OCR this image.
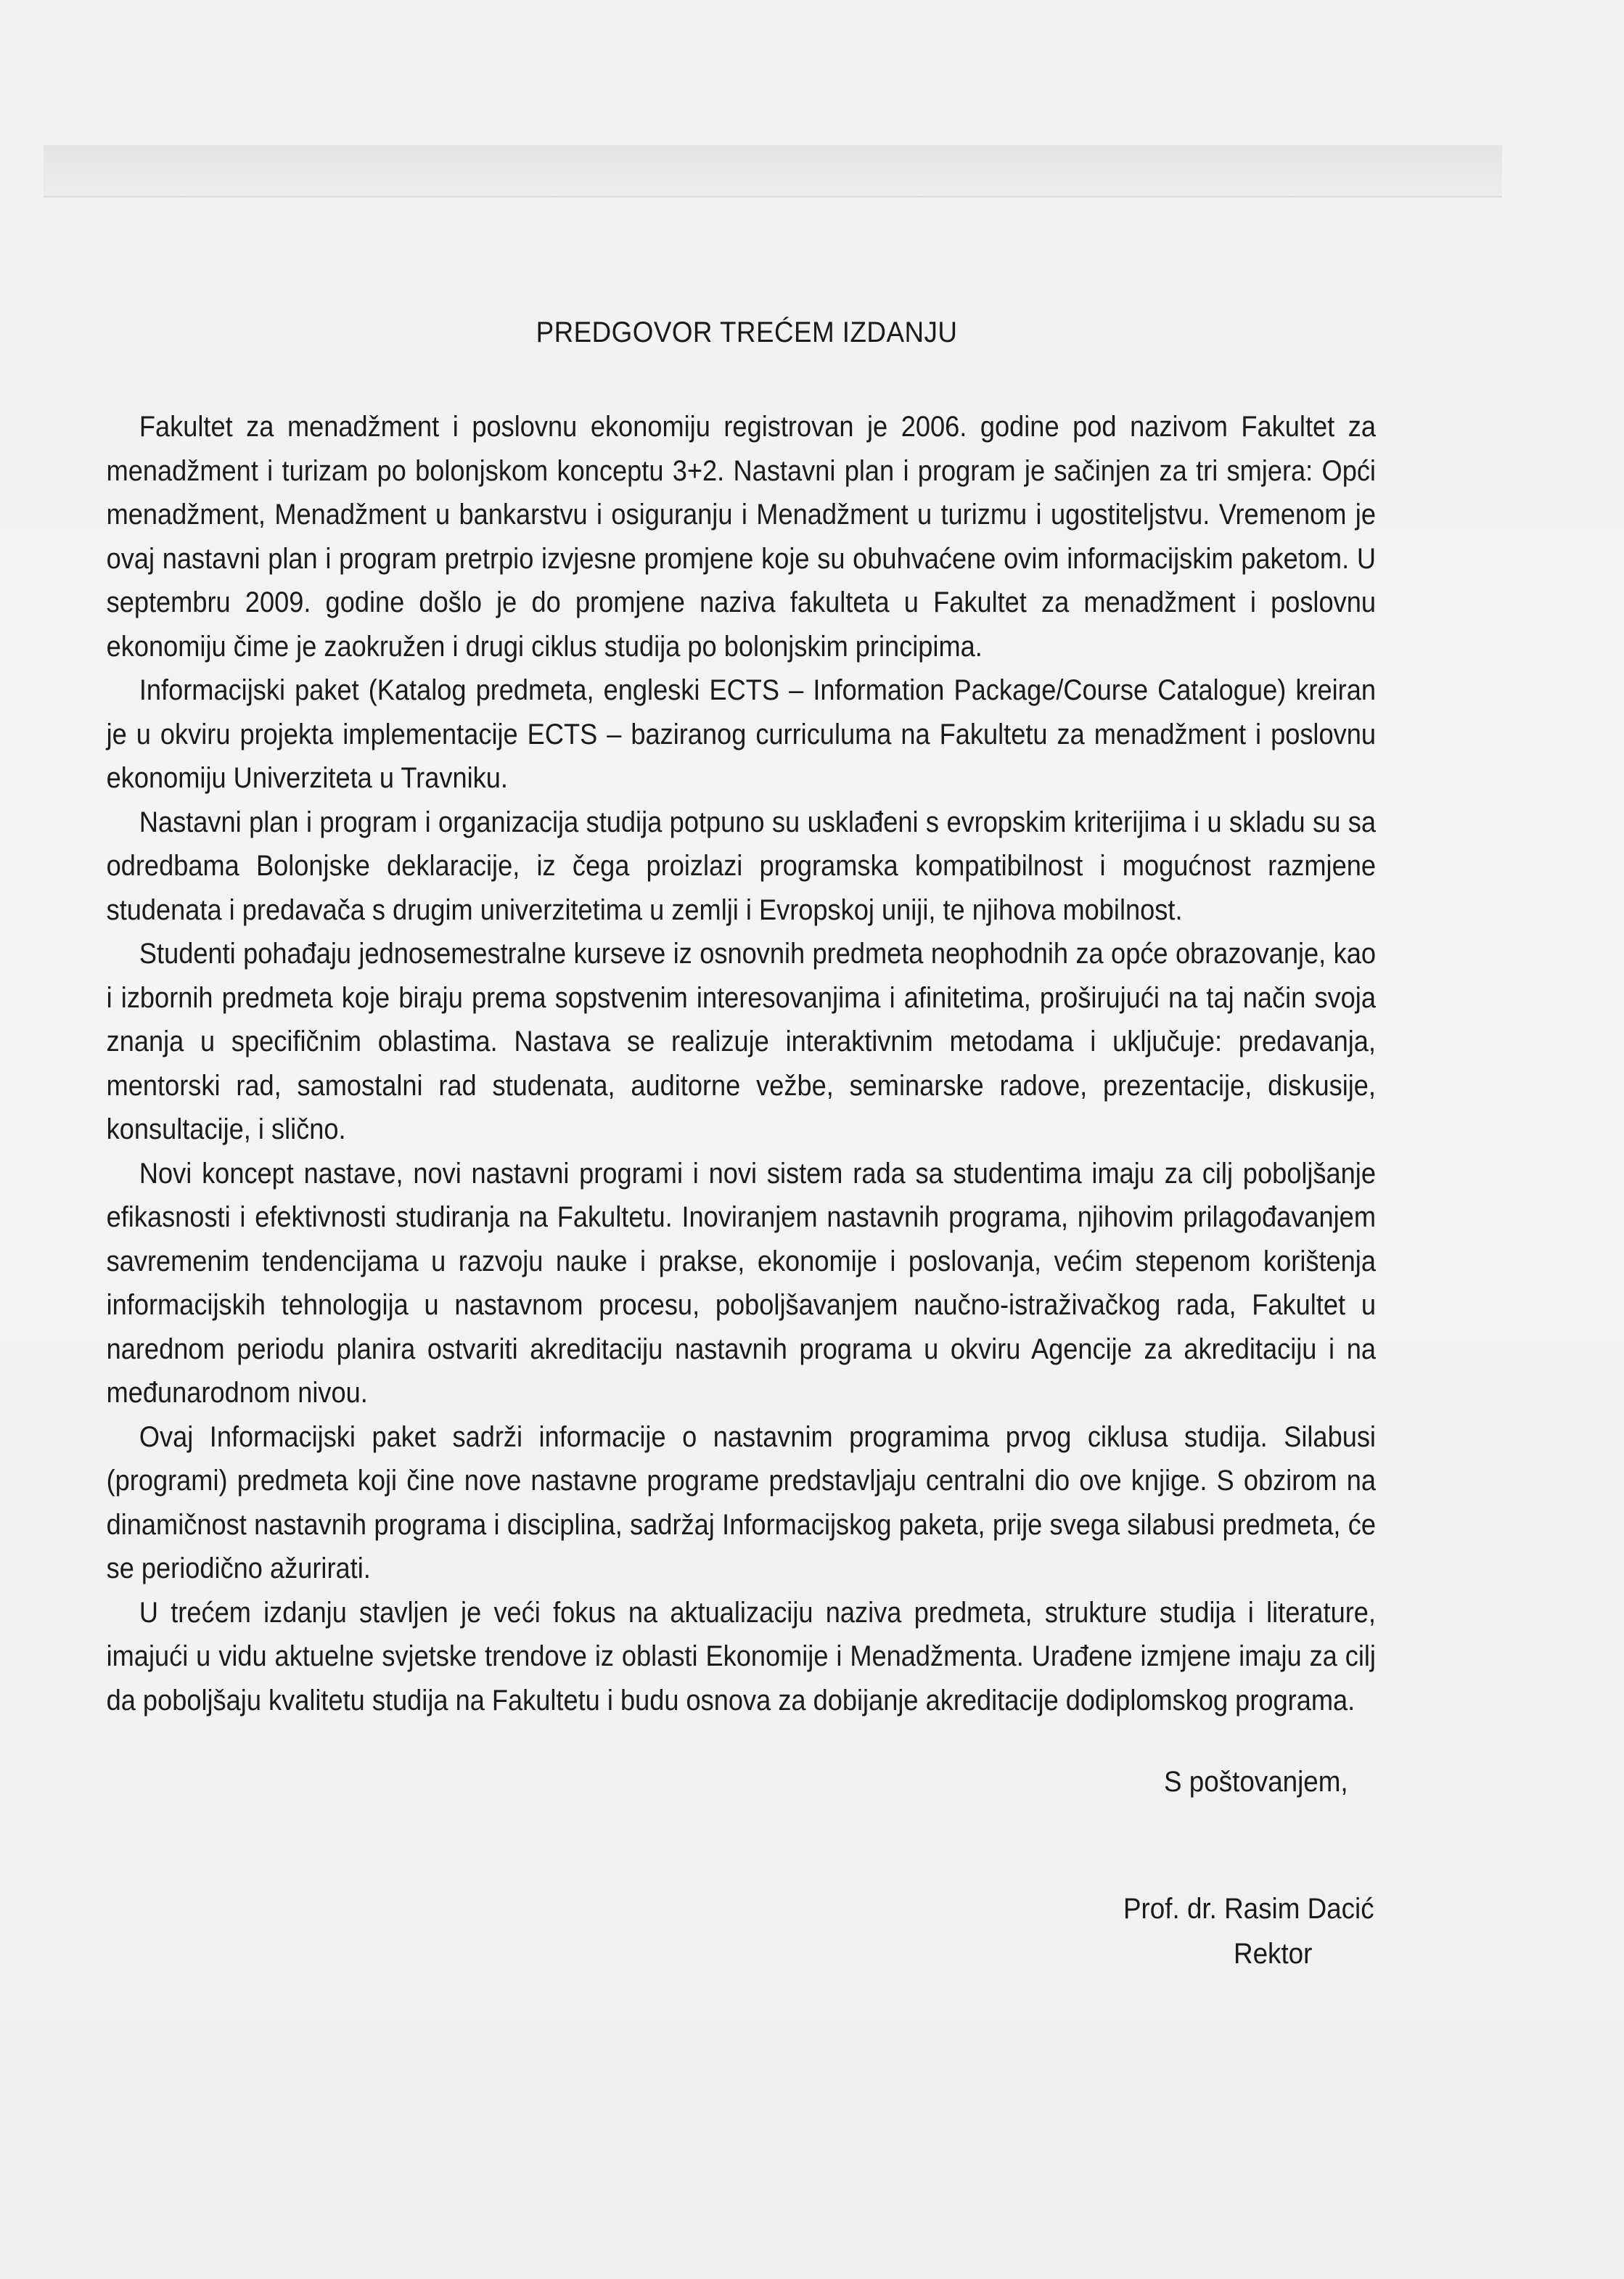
PREDGOVOR TREĆEM IZDANJU

Fakultet za menadžment i poslovnu ekonomiju registrovan je 2006. godine pod nazivom Fakultet za menadžment i turizam po bolonjskom konceptu 3+2. Nastavni plan i program je sačinjen za tri smjera: Opći menadžment, Menadžment u bankarstvu i osiguranju i Menadžment u turizmu i ugostiteljstvu. Vremenom je ovaj nastavni plan i program pretrpio izvjesne promjene koje su obuhvaćene ovim informacijskim paketom. U septembru 2009. godine došlo je do promjene naziva fakulteta u Fakultet za menadžment i poslovnu ekonomiju čime je zaokružen i drugi ciklus studija po bolonjskim principima.

Informacijski paket (Katalog predmeta, engleski ECTS – Information Package/Course Catalogue) kreiran je u okviru projekta implementacije ECTS – baziranog curriculuma na Fakultetu za menadžment i poslovnu ekonomiju Univerziteta u Travniku.

Nastavni plan i program i organizacija studija potpuno su usklađeni s evropskim kriterijima i u skladu su sa odredbama Bolonjske deklaracije, iz čega proizlazi programska kompatibilnost i mogućnost razmjene studenata i predavača s drugim univerzitetima u zemlji i Evropskoj uniji, te njihova mobilnost.

Studenti pohađaju jednosemestralne kurseve iz osnovnih predmeta neophodnih za opće obrazovanje, kao i izbornih predmeta koje biraju prema sopstvenim interesovanjima i afinitetima, proširujući na taj način svoja znanja u specifičnim oblastima. Nastava se realizuje interaktivnim metodama i uključuje: predavanja, mentorski rad, samostalni rad studenata, auditorne vežbe, seminarske radove, prezentacije, diskusije, konsultacije, i slično.

Novi koncept nastave, novi nastavni programi i novi sistem rada sa studentima imaju za cilj poboljšanje efikasnosti i efektivnosti studiranja na Fakultetu. Inoviranjem nastavnih programa, njihovim prilagođavanjem savremenim tendencijama u razvoju nauke i prakse, ekonomije i poslovanja, većim stepenom korištenja informacijskih tehnologija u nastavnom procesu, poboljšavanjem naučno-istraživačkog rada, Fakultet u narednom periodu planira ostvariti akreditaciju nastavnih programa u okviru Agencije za akreditaciju i na međunarodnom nivou.

Ovaj Informacijski paket sadrži informacije o nastavnim programima prvog ciklusa studija. Silabusi (programi) predmeta koji čine nove nastavne programe predstavljaju centralni dio ove knjige. S obzirom na dinamičnost nastavnih programa i disciplina, sadržaj Informacijskog paketa, prije svega silabusi predmeta, će se periodično ažurirati.

U trećem izdanju stavljen je veći fokus na aktualizaciju naziva predmeta, strukture studija i literature, imajući u vidu aktuelne svjetske trendove iz oblasti Ekonomije i Menadžmenta. Urađene izmjene imaju za cilj da poboljšaju kvalitetu studija na Fakultetu i budu osnova za dobijanje akreditacije dodiplomskog programa.

S poštovanjem,

Prof. dr. Rasim Dacić

Rektor
